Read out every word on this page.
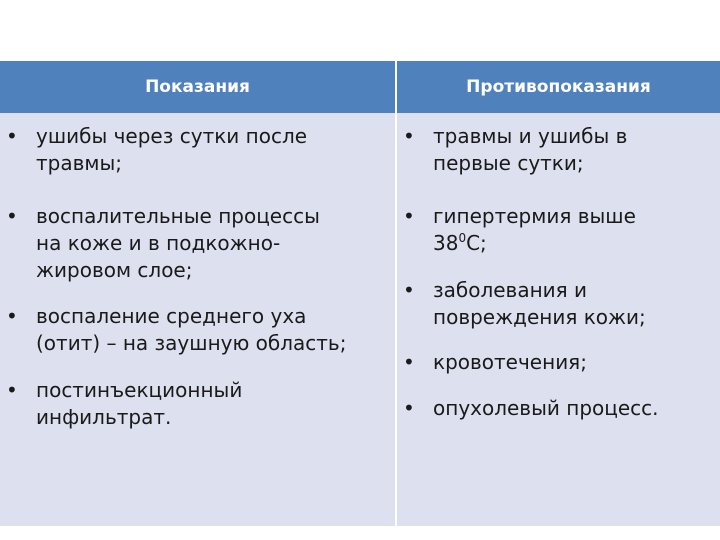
Показания	Противопоказания
• ушибы через сутки после
травмы;
• воспалительные процессы
на коже и в подкожно-
жировом слое;
• воспаление среднего уха
(отит) – на заушную область;
• постинъекционный
инфильтрат.
• травмы и ушибы в
первые сутки;
• гипертермия выше
$38^0С$;
• заболевания и
повреждения кожи;
• кровотечения;
• опухолевый процесс.
